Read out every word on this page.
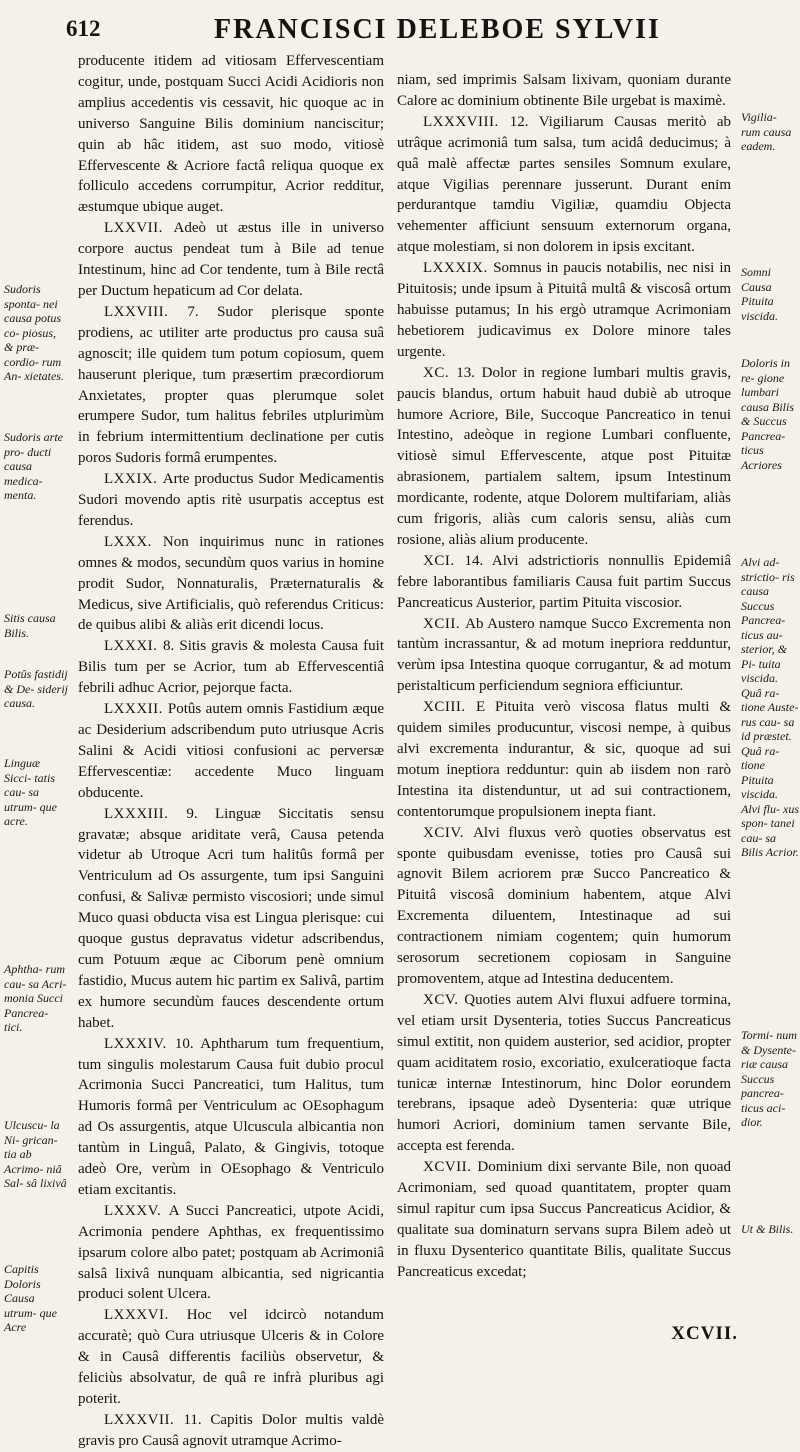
612	FRANCISCI DELEBOE SYLVII

producente itidem ad vitiosam Effervescentiam cogitur, unde, postquam Succi Acidi Acidioris non amplius accedentis vis cessavit, hic quoque ac in universo Sanguine Bilis dominium nanciscitur; quin ab hâc itidem, ast suo modo, vitiosè Effervescente & Acriore factâ reliqua quoque ex folliculo accedens corrumpitur, Acrior redditur, æstumque ubique auget.

LXXVII. Adeò ut æstus ille in universo corpore auctus pendeat tum à Bile ad tenue Intestinum, hinc ad Cor tendente, tum à Bile rectâ per Ductum hepaticum ad Cor delata.

LXXVIII. 7. Sudor plerisque sponte prodiens, ac utiliter arte productus pro causa suâ agnoscit; ille quidem tum potum copiosum, quem hauserunt plerique, tum præsertim præcordiorum Anxietates, propter quas plerumque solet erumpere Sudor, tum halitus febriles utplurimùm in febrium intermittentium declinatione per cutis poros Sudoris formâ erumpentes.

LXXIX. Arte productus Sudor Medicamentis Sudori movendo aptis ritè usurpatis acceptus est ferendus.

LXXX. Non inquirimus nunc in rationes omnes & modos, secundùm quos varius in homine prodit Sudor, Nonnaturalis, Præternaturalis & Medicus, sive Artificialis, quò referendus Criticus: de quibus alibi & aliàs erit dicendi locus.

LXXXI. 8. Sitis gravis & molesta Causa fuit Bilis tum per se Acrior, tum ab Effervescentiâ febrili adhuc Acrior, pejorque facta.

LXXXII. Potûs autem omnis Fastidium æque ac Desiderium adscribendum puto utriusque Acris Salini & Acidi vitiosi confusioni ac perversæ Effervescentiæ: accedente Muco linguam obducente.

LXXXIII. 9. Linguæ Siccitatis sensu gravatæ; absque ariditate verâ, Causa petenda videtur ab Utroque Acri tum halitûs formâ per Ventriculum ad Os assurgente, tum ipsi Sanguini confusi, & Salivæ permisto viscosiori; unde simul Muco quasi obducta visa est Lingua plerisque: cui quoque gustus depravatus videtur adscribendus, cum Potuum æque ac Ciborum penè omnium fastidio, Mucus autem hic partim ex Salivâ, partim ex humore secundùm fauces descendente ortum habet.

LXXXIV. 10. Aphtharum tum frequentium, tum singulis molestarum Causa fuit dubio procul Acrimonia Succi Pancreatici, tum Halitus, tum Humoris formâ per Ventriculum ac OEsophagum ad Os assurgentis, atque Ulcuscula albicantia non tantùm in Linguâ, Palato, & Gingivis, totoque adeò Ore, verùm in OEsophago & Ventriculo etiam excitantis.

LXXXV. A Succi Pancreatici, utpote Acidi, Acrimonia pendere Aphthas, ex frequentissimo ipsarum colore albo patet; postquam ab Acrimoniâ salsâ lixivâ nunquam albicantia, sed nigricantia produci solent Ulcera.

LXXXVI. Hoc vel idcircò notandum accuratè; quò Cura utriusque Ulceris & in Colore & in Causâ differentis faciliùs observetur, & feliciùs absolvatur, de quâ re infrà pluribus agi poterit.

LXXXVII. 11. Capitis Dolor multis valdè gravis pro Causâ agnovit utramque Acrimo-

niam, sed imprimis Salsam lixivam, quoniam durante Calore ac dominium obtinente Bile urgebat is maximè.

LXXXVIII. 12. Vigiliarum Causas meritò ab utrâque acrimoniâ tum salsa, tum acidâ deducimus; à quâ malè affectæ partes sensiles Somnum exulare, atque Vigilias perennare jusserunt. Durant enim perdurantque tamdiu Vigiliæ, quamdiu Objecta vehementer afficiunt sensuum externorum organa, atque molestiam, si non dolorem in ipsis excitant.

LXXXIX. Somnus in paucis notabilis, nec nisi in Pituitosis; unde ipsum à Pituitâ multâ & viscosâ ortum habuisse putamus; In his ergò utramque Acrimoniam hebetiorem judicavimus ex Dolore minore tales urgente.

XC. 13. Dolor in regione lumbari multis gravis, paucis blandus, ortum habuit haud dubiè ab utroque humore Acriore, Bile, Succoque Pancreatico in tenui Intestino, adeòque in regione Lumbari confluente, vitiosè simul Effervescente, atque post Pituitæ abrasionem, partialem saltem, ipsum Intestinum mordicante, rodente, atque Dolorem multifariam, aliàs cum frigoris, aliàs cum caloris sensu, aliàs cum rosione, aliàs alium producente.

XCI. 14. Alvi adstrictioris nonnullis Epidemiâ febre laborantibus familiaris Causa fuit partim Succus Pancreaticus Austerior, partim Pituita viscosior.

XCII. Ab Austero namque Succo Excrementa non tantùm incrassantur, & ad motum inepriora redduntur, verùm ipsa Intestina quoque corrugantur, & ad motum peristalticum perficiendum segniora efficiuntur.

XCIII. E Pituita verò viscosa flatus multi & quidem similes producuntur, viscosi nempe, à quibus alvi excrementa indurantur, & sic, quoque ad sui motum ineptiora redduntur: quin ab iisdem non rarò Intestina ita distenduntur, ut ad sui contractionem, contentorumque propulsionem inepta fiant.

XCIV. Alvi fluxus verò quoties observatus est sponte quibusdam evenisse, toties pro Causâ sui agnovit Bilem acriorem præ Succo Pancreatico & Pituitâ viscosâ dominium habentem, atque Alvi Excrementa diluentem, Intestinaque ad sui contractionem nimiam cogentem; quin humorum serosorum secretionem copiosam in Sanguine promoventem, atque ad Intestina deducentem.

XCV. Quoties autem Alvi fluxui adfuere tormina, vel etiam ursit Dysenteria, toties Succus Pancreaticus simul extitit, non quidem austerior, sed acidior, propter quam aciditatem rosio, excoriatio, exulceratioque facta tunicæ internæ Intestinorum, hinc Dolor eorundem terebrans, ipsaque adeò Dysenteria: quæ utrique humori Acriori, dominium tamen servante Bile, accepta est ferenda.

XCVII. Dominium dixi servante Bile, non quoad Acrimoniam, sed quoad quantitatem, propter quam simul rapitur cum ipsa Succus Pancreaticus Acidior, & qualitate sua dominaturn servans supra Bilem adeò ut in fluxu Dysenterico quantitate Bilis, qualitate Succus Pancreaticus excedat;

Sudoris sponta- nei causa potus co- piosus, & præ- cordio- rum An- xietates.
Sudoris arte pro- ducti causa medica- menta.
Sitis causa Bilis.
Potûs fastidij & De- siderij causa.
Linguæ Sicci- tatis cau- sa utrum- que acre.
Aphtha- rum cau- sa Acri- monia Succi Pancrea- tici.
Ulcuscu- la Ni- grican- tia ab Acrimo- niâ Sal- sâ lixivâ
Capitis Doloris Causa utrum- que Acre
Vigilia- rum causa eadem.
Somni Causa Pituita viscida.
Doloris in re- gione lumbari causa Bilis & Succus Pancrea- ticus Acriores
Alvi ad- strictio- ris causa Succus Pancrea- ticus au- sterior, & Pi- tuita viscida. Quâ ra- tione Auste- rus cau- sa id præstet. Quâ ra- tione Pituita viscida. Alvi flu- xus spon- tanei cau- sa Bilis Acrior.
Tormi- num & Dysente- riæ causa Succus pancrea- ticus aci- dior.
Ut & Bilis.
XCVII.
